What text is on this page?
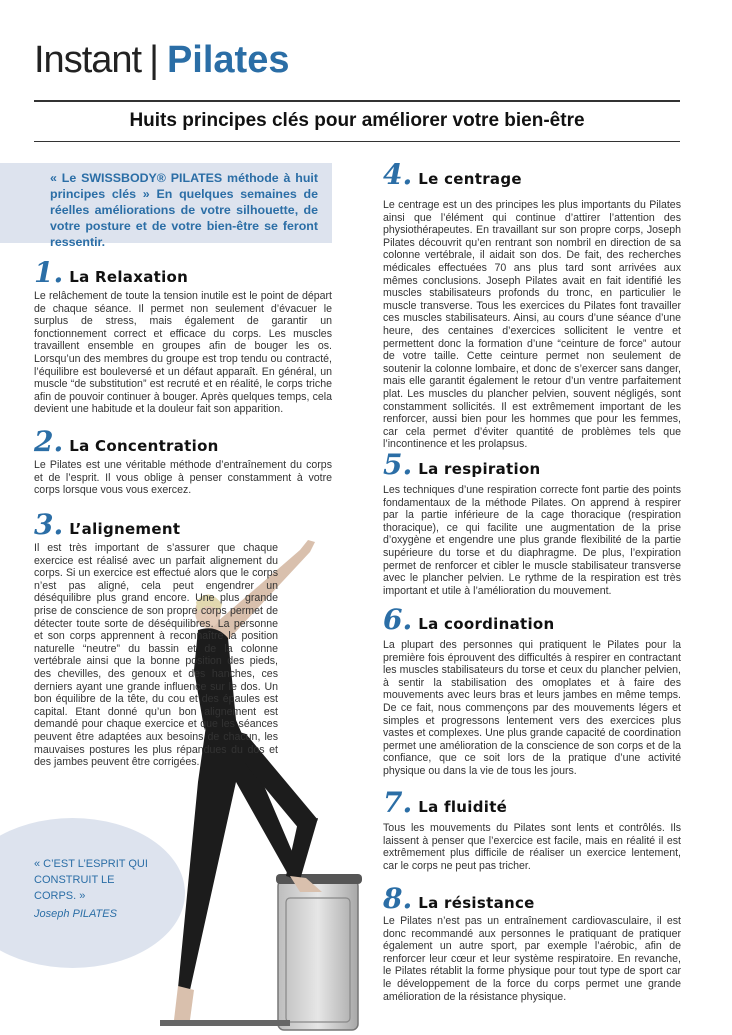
Instant | Pilates
Huits principes clés pour améliorer votre bien-être
« Le SWISSBODY® PILATES méthode à huit principes clés » En quelques semaines de réelles améliorations de votre silhouette, de votre posture et de votre bien-être se feront ressentir.
« C’EST L’ESPRIT QUI CONSTRUIT LE CORPS. »
Joseph PILATES
1. La Relaxation
Le relâchement de toute la tension inutile est le point de départ de chaque séance. Il permet non seulement d’évacuer le surplus de stress, mais également de garantir un fonctionnement correct et efficace du corps. Les muscles travaillent ensemble en groupes afin de bouger les os. Lorsqu’un des membres du groupe est trop tendu ou contracté, l’équilibre est bouleversé et un défaut apparaît. En général, un muscle “de substitution” est recruté et en réalité, le corps triche afin de pouvoir continuer à bouger. Après quelques temps, cela devient une habitude et la douleur fait son apparition.
2. La Concentration
Le Pilates est une véritable méthode d’entraînement du corps et de l’esprit. Il vous oblige à penser constamment à votre corps lorsque vous vous exercez.
3. L’alignement
Il est très important de s’assurer que chaque exercice est réalisé avec un parfait alignement du corps. Si un exercice est effectué alors que le corps n’est pas aligné, cela peut engendrer un déséquilibre plus grand encore. Une plus grande prise de conscience de son propre corps permet de détecter toute sorte de déséquilibres. La personne et son corps apprennent à reconnaître la position naturelle “neutre” du bassin et de la colonne vertébrale ainsi que la bonne position des pieds, des chevilles, des genoux et des hanches, ces derniers ayant une grande influence sur le dos. Un bon équilibre de la tête, du cou et des épaules est capital. Etant donné qu’un bon alignement est demandé pour chaque exercice et que les séances peuvent être adaptées aux besoins de chacun, les mauvaises postures les plus répandues du dos et des jambes peuvent être corrigées.
4. Le centrage
Le centrage est un des principes les plus importants du Pilates ainsi que l’élément qui continue d’attirer l’attention des physiothérapeutes. En travaillant sur son propre corps, Joseph Pilates découvrit qu’en rentrant son nombril en direction de sa colonne vertébrale, il aidait son dos. De fait, des recherches médicales effectuées 70 ans plus tard sont arrivées aux mêmes conclusions. Joseph Pilates avait en fait identifié les muscles stabilisateurs profonds du tronc, en particulier le muscle transverse. Tous les exercices du Pilates font travailler ces muscles stabilisateurs. Ainsi, au cours d’une séance d’une heure, des centaines d’exercices sollicitent le ventre et permettent donc la formation d’une “ceinture de force” autour de votre taille. Cette ceinture permet non seulement de soutenir la colonne lombaire, et donc de s’exercer sans danger, mais elle garantit également le retour d’un ventre parfaitement plat. Les muscles du plancher pelvien, souvent négligés, sont constamment sollicités. Il est extrêmement important de les renforcer, aussi bien pour les hommes que pour les femmes, car cela permet d’éviter quantité de problèmes tels que l’incontinence et les prolapsus.
5. La respiration
Les techniques d’une respiration correcte font partie des points fondamentaux de la méthode Pilates. On apprend à respirer par la partie inférieure de la cage thoracique (respiration thoracique), ce qui facilite une augmentation de la prise d’oxygène et engendre une plus grande flexibilité de la partie supérieure du torse et du diaphragme. De plus, l’expiration permet de renforcer et cibler le muscle stabilisateur transverse avec le plancher pelvien. Le rythme de la respiration est très important et utile à l’amélioration du mouvement.
6. La coordination
La plupart des personnes qui pratiquent le Pilates pour la première fois éprouvent des difficultés à respirer en contractant les muscles stabilisateurs du torse et ceux du plancher pelvien, à sentir la stabilisation des omoplates et à faire des mouvements avec leurs bras et leurs jambes en même temps. De ce fait, nous commençons par des mouvements légers et simples et progressons lentement vers des exercices plus vastes et complexes. Une plus grande capacité de coordination permet une amélioration de la conscience de son corps et de la confiance, que ce soit lors de la pratique d’une activité physique ou dans la vie de tous les jours.
7. La fluidité
Tous les mouvements du Pilates sont lents et contrôlés. Ils laissent à penser que l’exercice est facile, mais en réalité il est extrêmement plus difficile de réaliser un exercice lentement, car le corps ne peut pas tricher.
8. La résistance
Le Pilates n’est pas un entraînement cardiovasculaire, il est donc recommandé aux personnes le pratiquant de pratiquer également un autre sport, par exemple l’aérobic, afin de renforcer leur cœur et leur système respiratoire. En revanche, le Pilates rétablit la forme physique pour tout type de sport car le développement de la force du corps permet une grande amélioration de la résistance physique.
